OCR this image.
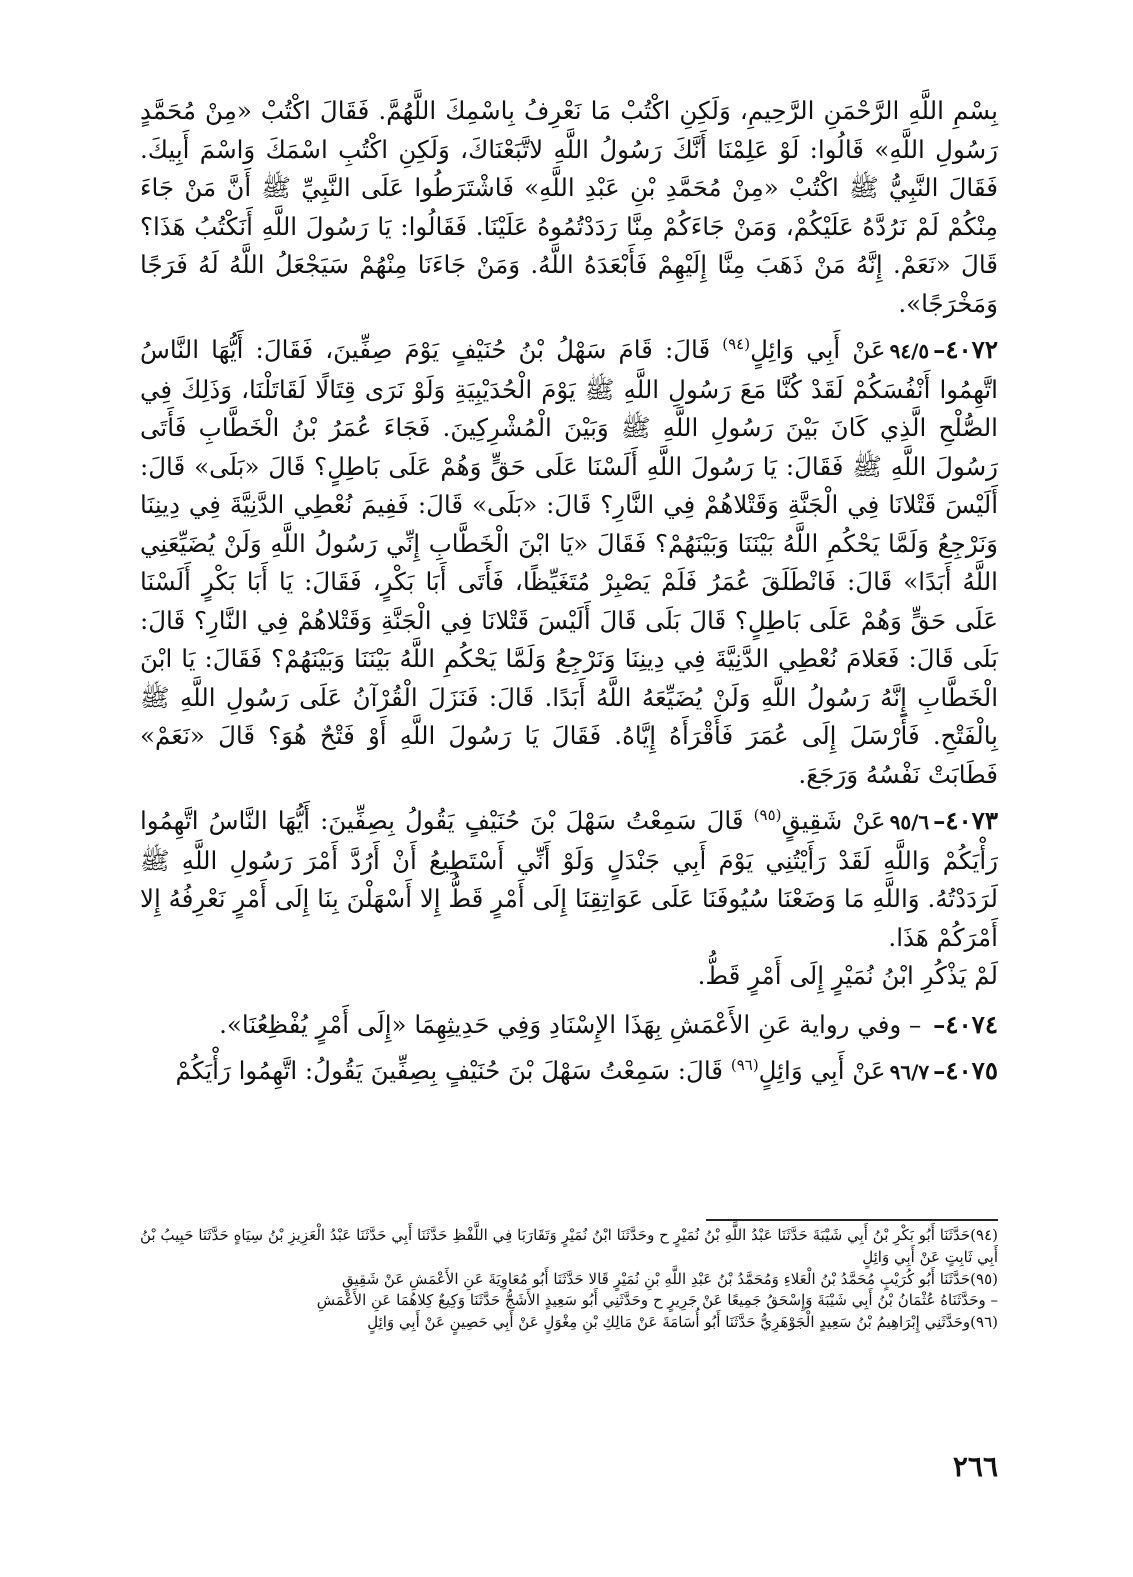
بِسْمِ اللَّهِ الرَّحْمَنِ الرَّحِيمِ، وَلَكِنِ اكْتُبْ مَا نَعْرِفُ بِاسْمِكَ اللَّهُمَّ. فَقَالَ اكْتُبْ «مِنْ مُحَمَّدٍ رَسُولِ اللَّهِ» قَالُوا: لَوْ عَلِمْنَا أَنَّكَ رَسُولُ اللَّهِ لاتَّبَعْنَاكَ، وَلَكِنِ اكْتُبِ اسْمَكَ وَاسْمَ أَبِيكَ. فَقَالَ النَّبِيُّ ﷺ اكْتُبْ «مِنْ مُحَمَّدِ بْنِ عَبْدِ اللَّهِ» فَاشْتَرَطُوا عَلَى النَّبِيِّ ﷺ أَنَّ مَنْ جَاءَ مِنْكُمْ لَمْ نَرُدَّهُ عَلَيْكُمْ، وَمَنْ جَاءَكُمْ مِنَّا رَدَدْتُمُوهُ عَلَيْنَا. فَقَالُوا: يَا رَسُولَ اللَّهِ أَنَكْتُبُ هَذَا؟ قَالَ «نَعَمْ. إِنَّهُ مَنْ ذَهَبَ مِنَّا إِلَيْهِمْ فَأَبْعَدَهُ اللَّهُ. وَمَنْ جَاءَنَا مِنْهُمْ سَيَجْعَلُ اللَّهُ لَهُ فَرَجًا وَمَخْرَجًا».

٤٠٧٢–٩٤/٥عَنْ أَبِي وَائِلٍ$^{(٩٤)}$ قَالَ: قَامَ سَهْلُ بْنُ حُنَيْفٍ يَوْمَ صِفِّينَ، فَقَالَ: أَيُّهَا النَّاسُ اتَّهِمُوا أَنْفُسَكُمْ لَقَدْ كُنَّا مَعَ رَسُولِ اللَّهِ ﷺ يَوْمَ الْحُدَيْبِيَةِ وَلَوْ نَرَى قِتَالًا لَقَاتَلْنَا، وَذَلِكَ فِي الصُّلْحِ الَّذِي كَانَ بَيْنَ رَسُولِ اللَّهِ ﷺ وَبَيْنَ الْمُشْرِكِينَ. فَجَاءَ عُمَرُ بْنُ الْخَطَّابِ فَأَتَى رَسُولَ اللَّهِ ﷺ فَقَالَ: يَا رَسُولَ اللَّهِ أَلَسْنَا عَلَى حَقٍّ وَهُمْ عَلَى بَاطِلٍ؟ قَالَ «بَلَى» قَالَ: أَلَيْسَ قَتْلانَا فِي الْجَنَّةِ وَقَتْلاهُمْ فِي النَّارِ؟ قَالَ: «بَلَى» قَالَ: فَفِيمَ نُعْطِي الدَّنِيَّةَ فِي دِينِنَا وَنَرْجِعُ وَلَمَّا يَحْكُمِ اللَّهُ بَيْنَنَا وَبَيْنَهُمْ؟ فَقَالَ «يَا ابْنَ الْخَطَّابِ إِنِّي رَسُولُ اللَّهِ وَلَنْ يُضَيِّعَنِي اللَّهُ أَبَدًا» قَالَ: فَانْطَلَقَ عُمَرُ فَلَمْ يَصْبِرْ مُتَغَيِّظًا، فَأَتَى أَبَا بَكْرٍ، فَقَالَ: يَا أَبَا بَكْرٍ أَلَسْنَا عَلَى حَقٍّ وَهُمْ عَلَى بَاطِلٍ؟ قَالَ بَلَى قَالَ أَلَيْسَ قَتْلانَا فِي الْجَنَّةِ وَقَتْلاهُمْ فِي النَّارِ؟ قَالَ: بَلَى قَالَ: فَعَلامَ نُعْطِي الدَّنِيَّةَ فِي دِينِنَا وَنَرْجِعُ وَلَمَّا يَحْكُمِ اللَّهُ بَيْنَنَا وَبَيْنَهُمْ؟ فَقَالَ: يَا ابْنَ الْخَطَّابِ إِنَّهُ رَسُولُ اللَّهِ وَلَنْ يُضَيِّعَهُ اللَّهُ أَبَدًا. قَالَ: فَنَزَلَ الْقُرْآنُ عَلَى رَسُولِ اللَّهِ ﷺ بِالْفَتْحِ. فَأَرْسَلَ إِلَى عُمَرَ فَأَقْرَأَهُ إِيَّاهُ. فَقَالَ يَا رَسُولَ اللَّهِ أَوْ فَتْحٌ هُوَ؟ قَالَ «نَعَمْ» فَطَابَتْ نَفْسُهُ وَرَجَعَ.

٤٠٧٣–٩٥/٦عَنْ شَقِيقٍ$^{(٩٥)}$ قَالَ سَمِعْتُ سَهْلَ بْنَ حُنَيْفٍ يَقُولُ بِصِفِّينَ: أَيُّهَا النَّاسُ اتَّهِمُوا رَأْيَكُمْ وَاللَّهِ لَقَدْ رَأَيْتُنِي يَوْمَ أَبِي جَنْدَلٍ وَلَوْ أَنِّي أَسْتَطِيعُ أَنْ أَرُدَّ أَمْرَ رَسُولِ اللَّهِ ﷺ لَرَدَدْتُهُ. وَاللَّهِ مَا وَضَعْنَا سُيُوفَنَا عَلَى عَوَاتِقِنَا إِلَى أَمْرٍ قَطُّ إِلا أَسْهَلْنَ بِنَا إِلَى أَمْرٍ نَعْرِفُهُ إِلا أَمْرَكُمْ هَذَا.

لَمْ يَذْكُرِ ابْنُ نُمَيْرٍ إِلَى أَمْرٍ قَطُّ.

٤٠٧٤– – وفي رواية عَنِ الأَعْمَشِ بِهَذَا الإِسْنَادِ وَفِي حَدِيثِهِمَا «إِلَى أَمْرٍ يُفْظِعُنَا».

٤٠٧٥–٩٦/٧عَنْ أَبِي وَائِلٍ$^{(٩٦)}$ قَالَ: سَمِعْتُ سَهْلَ بْنَ حُنَيْفٍ بِصِفِّينَ يَقُولُ: اتَّهِمُوا رَأْيَكُمْ

(٩٤)حَدَّثَنَا أَبُو بَكْرِ بْنُ أَبِي شَيْبَةَ حَدَّثَنَا عَبْدُ اللَّهِ بْنُ نُمَيْرٍ ح وحَدَّثَنَا ابْنُ نُمَيْرٍ وَتَقَارَبَا فِي اللَّفْظِ حَدَّثَنَا أَبِي حَدَّثَنَا عَبْدُ الْعَزِيزِ بْنُ سِيَاهٍ حَدَّثَنَا حَبِيبُ بْنُ أَبِي ثَابِتٍ عَنْ أَبِي وَائِلٍ

(٩٥)حَدَّثَنَا أَبُو كُرَيْبٍ مُحَمَّدُ بْنُ الْعَلاءِ وَمُحَمَّدُ بْنُ عَبْدِ اللَّهِ بْنِ نُمَيْرٍ قَالا حَدَّثَنَا أَبُو مُعَاوِيَةَ عَنِ الأَعْمَشِ عَنْ شَقِيقٍ

– وحَدَّثَنَاهُ عُثْمَانُ بْنُ أَبِي شَيْبَةَ وَإِسْحَقُ جَمِيعًا عَنْ جَرِيرٍ ح وحَدَّثَنِي أَبُو سَعِيدٍ الأَشَجُّ حَدَّثَنَا وَكِيعٌ كِلاهُمَا عَنِ الأَعْمَشِ

(٩٦)وحَدَّثَنِي إِبْرَاهِيمُ بْنُ سَعِيدٍ الْجَوْهَرِيُّ حَدَّثَنَا أَبُو أُسَامَةَ عَنْ مَالِكِ بْنِ مِغْوَلٍ عَنْ أَبِي حَصِينٍ عَنْ أَبِي وَائِلٍ

٢٦٦
